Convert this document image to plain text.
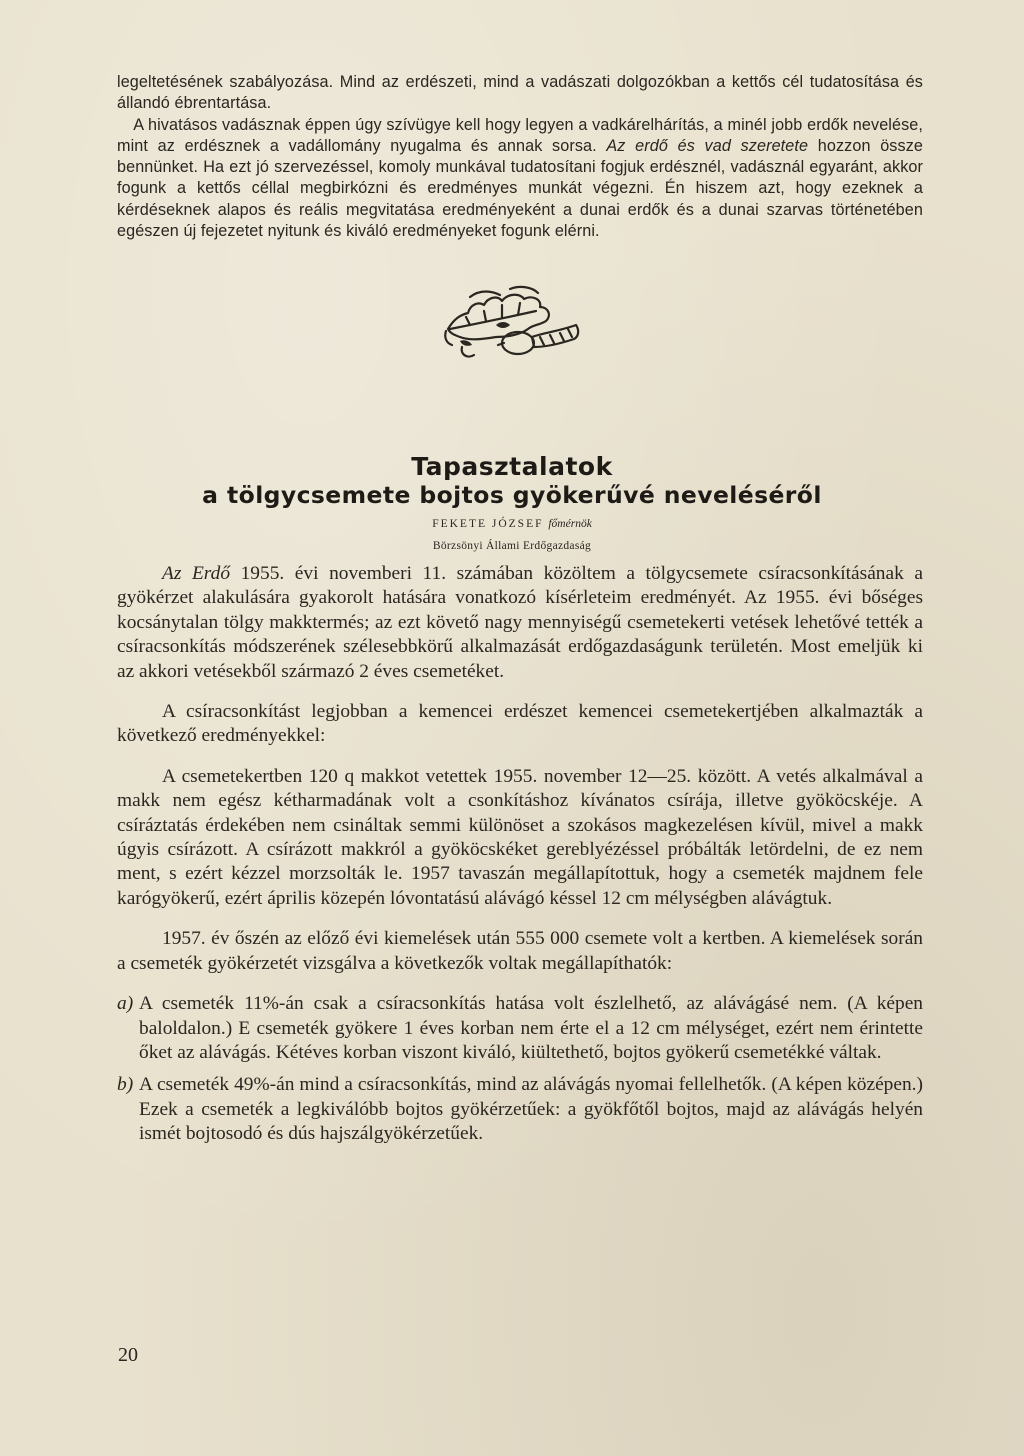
legeltetésének szabályozása. Mind az erdészeti, mind a vadászati dolgozókban a kettős cél tudatosítása és állandó ébrentartása.

 A hivatásos vadásznak éppen úgy szívügye kell hogy legyen a vadkárelhárítás, a minél jobb erdők nevelése, mint az erdésznek a vadállomány nyugalma és annak sorsa. Az erdő és vad szeretete hozzon össze bennünket. Ha ezt jó szervezéssel, komoly munkával tudatosítani fogjuk erdésznél, vadásznál egyaránt, akkor fogunk a kettős céllal megbirkózni és eredményes munkát végezni. Én hiszem azt, hogy ezeknek a kérdéseknek alapos és reális megvitatása eredményeként a dunai erdők és a dunai szarvas történetében egészen új fejezetet nyitunk és kiváló eredményeket fogunk elérni.

Tapasztalatok
a tölgycsemete bojtos gyökerűvé neveléséről
FEKETE JÓZSEF főmérnök
Börzsönyi Állami Erdőgazdaság

Az Erdő 1955. évi novemberi 11. számában közöltem a tölgycsemete csíracsonkításának a gyökérzet alakulására gyakorolt hatására vonatkozó kísérleteim eredményét. Az 1955. évi bőséges kocsánytalan tölgy makktermés; az ezt követő nagy mennyiségű csemetekerti vetések lehetővé tették a csíracsonkítás módszerének szélesebbkörű alkalmazását erdőgazdaságunk területén. Most emeljük ki az akkori vetésekből származó 2 éves csemetéket.

A csíracsonkítást legjobban a kemencei erdészet kemencei csemetekertjében alkalmazták a következő eredményekkel:

A csemetekertben 120 q makkot vetettek 1955. november 12—25. között. A vetés alkalmával a makk nem egész kétharmadának volt a csonkításhoz kívánatos csírája, illetve gyököcskéje. A csíráztatás érdekében nem csináltak semmi különöset a szokásos magkezelésen kívül, mivel a makk úgyis csírázott. A csírázott makkról a gyököcskéket gereblyézéssel próbálták letördelni, de ez nem ment, s ezért kézzel morzsolták le. 1957 tavaszán megállapítottuk, hogy a csemeték majdnem fele karógyökerű, ezért április közepén lóvontatású alávágó késsel 12 cm mélységben alávágtuk.

1957. év őszén az előző évi kiemelések után 555 000 csemete volt a kertben. A kiemelések során a csemeték gyökérzetét vizsgálva a következők voltak megállapíthatók:

a) A csemeték 11%-án csak a csíracsonkítás hatása volt észlelhető, az alávágásé nem. (A képen baloldalon.) E csemeték gyökere 1 éves korban nem érte el a 12 cm mélységet, ezért nem érintette őket az alávágás. Kétéves korban viszont kiváló, kiültethető, bojtos gyökerű csemetékké váltak.

b) A csemeték 49%-án mind a csíracsonkítás, mind az alávágás nyomai fellelhetők. (A képen középen.) Ezek a csemeték a legkiválóbb bojtos gyökérzetűek: a gyökfőtől bojtos, majd az alávágás helyén ismét bojtosodó és dús hajszálgyökérzetűek.

20
